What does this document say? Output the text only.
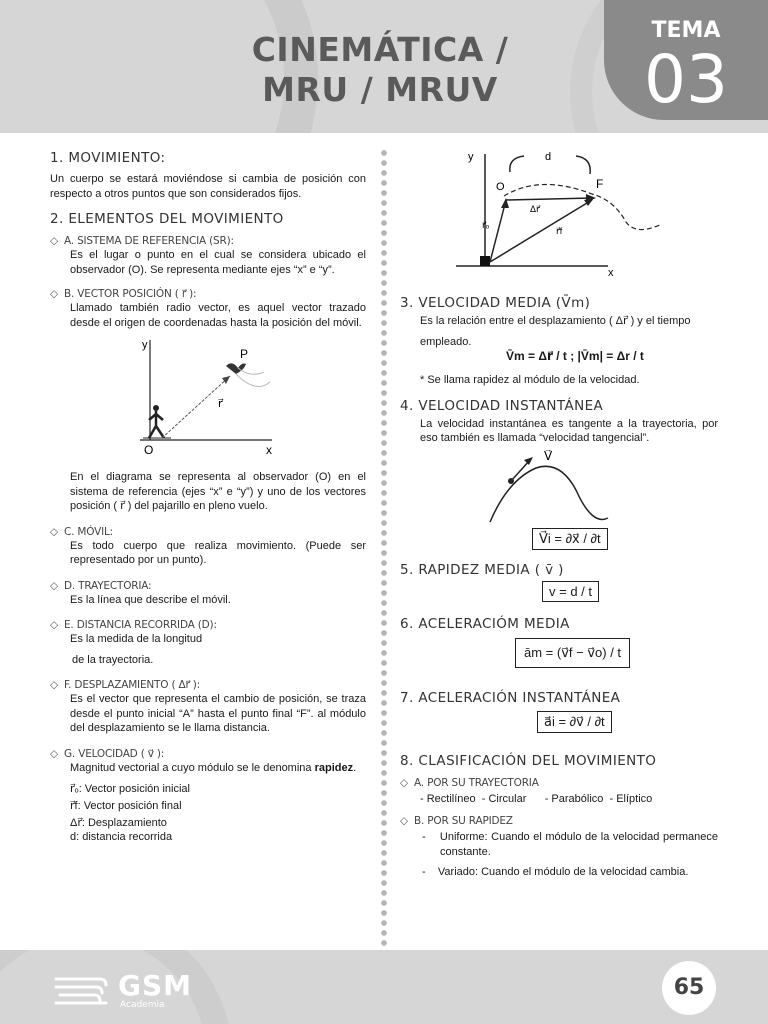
CINEMÁTICA /
MRU / MRUV
TEMA
03

1. MOVIMIENTO:

Un cuerpo se estará moviéndose si cambia de posición con respecto a otros puntos que son considerados fijos.

2. ELEMENTOS DEL MOVIMIENTO

◇ A. SISTEMA DE REFERENCIA (SR):

Es el lugar o punto en el cual se considera ubicado el observador (O). Se representa mediante ejes “x” e “y”.

◇ B. VECTOR POSICIÓN ( r⃗ ):

Llamado también radio vector, es aquel vector trazado desde el origen de coordenadas hasta la posición del móvil.

y
x
O
r⃗
P

En el diagrama se representa al observador (O) en el sistema de referencia (ejes “x” e “y”) y uno de los vectores posición ( r⃗ ) del pajarillo en pleno vuelo.

◇ C. MÓVIL:

Es todo cuerpo que realiza movimiento. (Puede ser representado por un punto).

◇ D. TRAYECTORIA:

Es la línea que describe el móvil.

◇ E. DISTANCIA RECORRIDA (D):

Es la medida de la longitud

de la trayectoria.

◇ F. DESPLAZAMIENTO ( Δr⃗ ):

Es el vector que representa el cambio de posición, se traza desde el punto inicial “A” hasta el punto final “F”. al módulo del desplazamiento se le llama distancia.

◇ G. VELOCIDAD ( v⃗ ):

Magnitud vectorial a cuyo módulo se le denomina rapidez.

r⃗ₒ: Vector posición inicial
r⃗f: Vector posición final
Δr⃗: Desplazamiento
d: distancia recorrida
y
x
d
O	F
Δr⃗
r⃗ₒ
r⃗f

3. VELOCIDAD MEDIA (V̄m)

Es la relación entre el desplazamiento ( Δr⃗ ) y el tiempo

empleado.

V̄m = Δr⃗ / t ; |V̄m| = Δr / t

* Se llama rapidez al módulo de la velocidad.

4. VELOCIDAD INSTANTÁNEA

La velocidad instantánea es tangente a la trayectoria, por eso también es llamada “velocidad tangencial”.

V⃗
V⃗i = ∂x⃗ / ∂t

5. RAPIDEZ MEDIA ( v̄ )

v = d / t

6. ACELERACIÓM MEDIA

ām = (v⃗f − v⃗o) / t

7. ACELERACIÓN INSTANTÁNEA

a⃗i = ∂v⃗ / ∂t

8. CLASIFICACIÓN DEL MOVIMIENTO

◇ A. POR SU TRAYECTORIA

- Rectilíneo  - Circular      - Parabólico  - Elíptico

◇ B. POR SU RAPIDEZ

-    Uniforme: Cuando el módulo de la velocidad permanece constante.
-    Variado: Cuando el módulo de la velocidad cambia.
GSM
Academia
65
